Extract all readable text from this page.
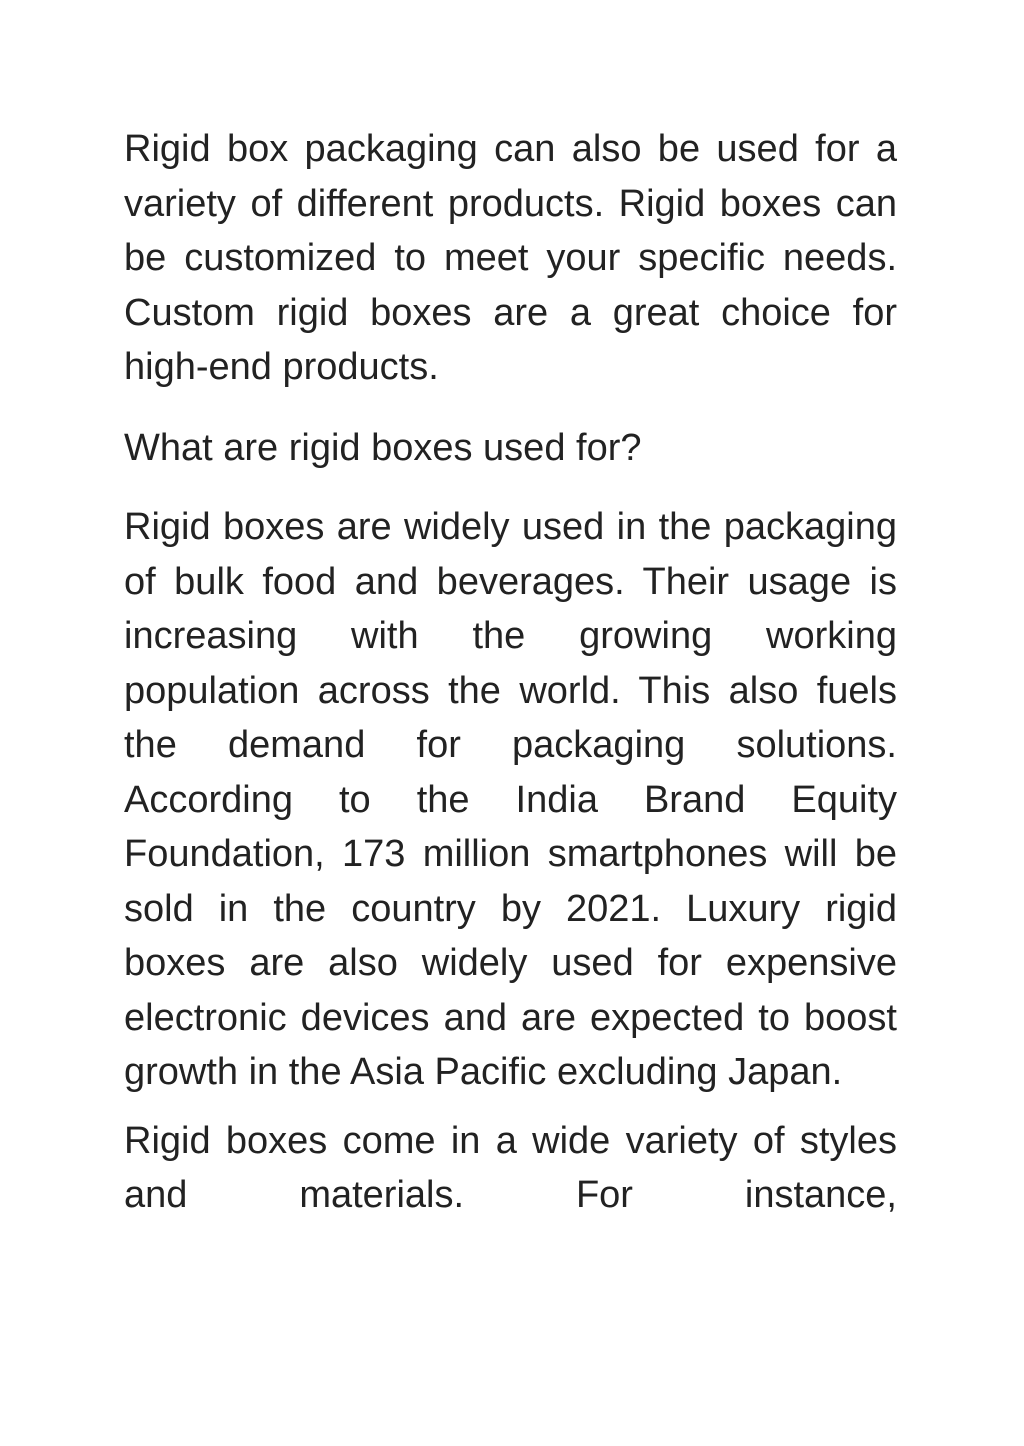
Rigid box packaging can also be used for a variety of different products. Rigid boxes can be customized to meet your specific needs. Custom rigid boxes are a great choice for high-end products.

What are rigid boxes used for?

Rigid boxes are widely used in the packaging of bulk food and beverages. Their usage is increasing with the growing working population across the world. This also fuels the demand for packaging solutions. According to the India Brand Equity Foundation, 173 million smartphones will be sold in the country by 2021. Luxury rigid boxes are also widely used for expensive electronic devices and are expected to boost growth in the Asia Pacific excluding Japan.

Rigid boxes come in a wide variety of styles and materials. For instance,
